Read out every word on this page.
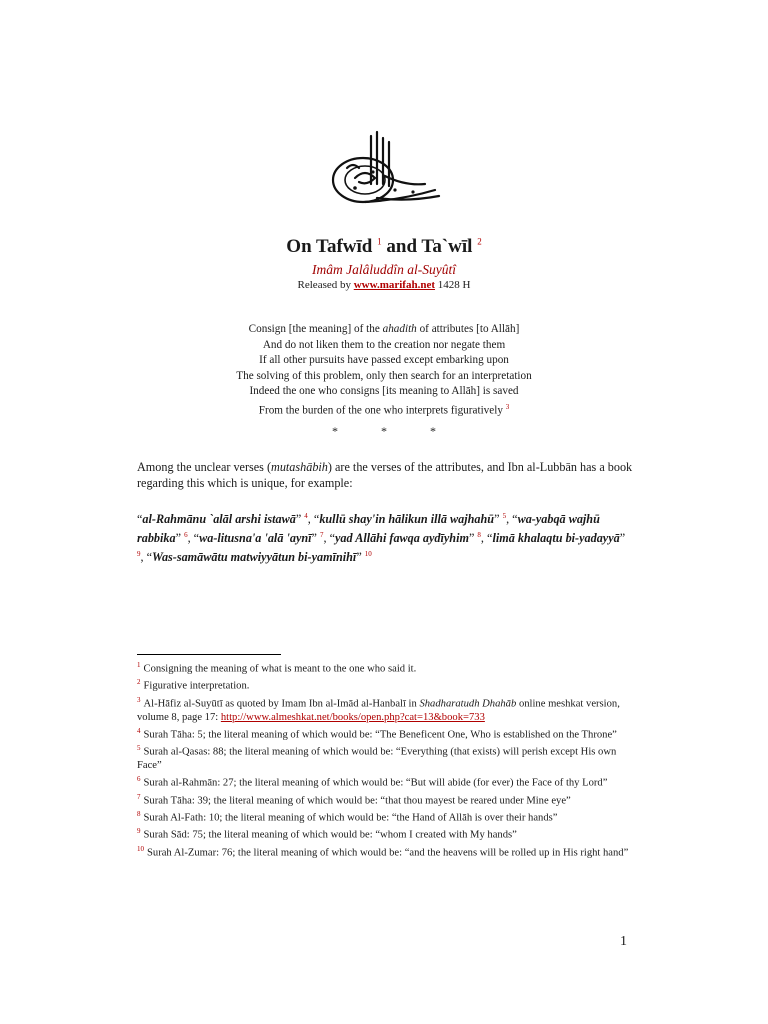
On Tafwīd $^1$ and Ta`wīl $^2$
Imâm Jalâluddîn al-Suyûtî
Released by www.marifah.net 1428 H
Consign [the meaning] of the ahadith of attributes [to Allāh]
And do not liken them to the creation nor negate them
If all other pursuits have passed except embarking upon
The solving of this problem, only then search for an interpretation
Indeed the one who consigns [its meaning to Allāh] is saved
From the burden of the one who interprets figuratively $^3$
* * *
Among the unclear verses (mutashābih) are the verses of the attributes, and Ibn al-Lubbān has a book regarding this which is unique, for example:
“al-Rahmānu `alāl arshi istawā” $^4$, “kullū shay'in hālikun illā wajhahū” $^5$, “wa-yabqā wajhū rabbika” $^6$, “wa-litusna'a 'alā 'aynī” $^7$, “yad Allāhi fawqa aydīyhim” $^8$, “limā khalaqtu bi-yadayyā” $^9$, “Was-samāwātu matwiyyātun bi-yamīnihī” $^{10}$

$^1$ Consigning the meaning of what is meant to the one who said it.

$^2$ Figurative interpretation.

$^3$ Al-Hāfiz al-Suyūtī as quoted by Imam Ibn al-Imād al-Hanbalī in Shadharatudh Dhahāb online meshkat version, volume 8, page 17: http://www.almeshkat.net/books/open.php?cat=13&book=733

$^4$ Surah Tāha: 5; the literal meaning of which would be: “The Beneficent One, Who is established on the Throne”

$^5$ Surah al-Qasas: 88; the literal meaning of which would be: “Everything (that exists) will perish except His own Face”

$^6$ Surah al-Rahmān: 27; the literal meaning of which would be: “But will abide (for ever) the Face of thy Lord”

$^7$ Surah Tāha: 39; the literal meaning of which would be: “that thou mayest be reared under Mine eye”

$^8$ Surah Al-Fath: 10; the literal meaning of which would be: “the Hand of Allāh is over their hands”

$^9$ Surah Sād: 75; the literal meaning of which would be: “whom I created with My hands”

$^{10}$ Surah Al-Zumar: 76; the literal meaning of which would be: “and the heavens will be rolled up in His right hand”

1
